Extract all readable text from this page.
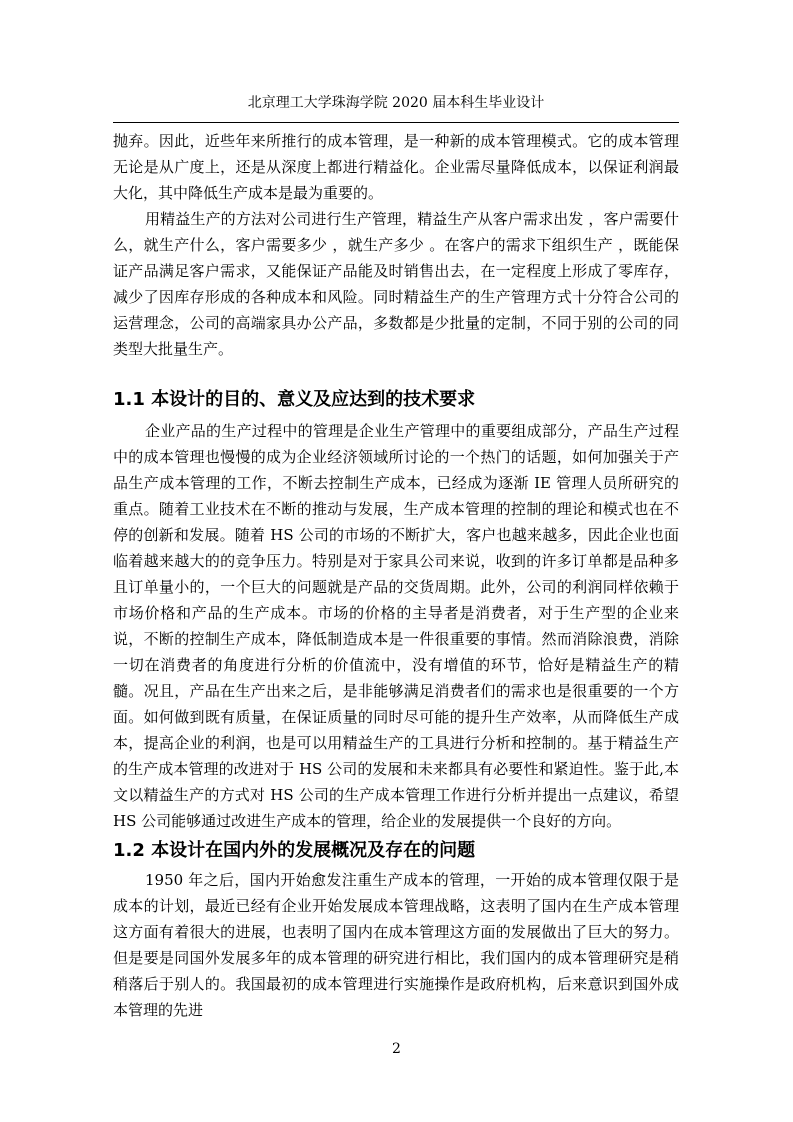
北京理工大学珠海学院 2020 届本科生毕业设计

抛弃。因此，近些年来所推行的成本管理，是一种新的成本管理模式。它的成本管理无论是从广度上，还是从深度上都进行精益化。企业需尽量降低成本，以保证利润最大化，其中降低生产成本是最为重要的。

用精益生产的方法对公司进行生产管理，精益生产从客户需求出发 ，客户需要什么，就生产什么，客户需要多少 ，就生产多少 。在客户的需求下组织生产 ，既能保证产品满足客户需求，又能保证产品能及时销售出去，在一定程度上形成了零库存，减少了因库存形成的各种成本和风险。同时精益生产的生产管理方式十分符合公司的运营理念，公司的高端家具办公产品，多数都是少批量的定制，不同于别的公司的同类型大批量生产。

1.1 本设计的目的、意义及应达到的技术要求

企业产品的生产过程中的管理是企业生产管理中的重要组成部分，产品生产过程中的成本管理也慢慢的成为企业经济领域所讨论的一个热门的话题，如何加强关于产品生产成本管理的工作，不断去控制生产成本，已经成为逐渐 IE 管理人员所研究的重点。随着工业技术在不断的推动与发展，生产成本管理的控制的理论和模式也在不停的创新和发展。随着 HS 公司的市场的不断扩大，客户也越来越多，因此企业也面临着越来越大的的竞争压力。特别是对于家具公司来说，收到的许多订单都是品种多且订单量小的，一个巨大的问题就是产品的交货周期。此外，公司的利润同样依赖于市场价格和产品的生产成本。市场的价格的主导者是消费者，对于生产型的企业来说，不断的控制生产成本，降低制造成本是一件很重要的事情。然而消除浪费，消除一切在消费者的角度进行分析的价值流中，没有增值的环节，恰好是精益生产的精髓。况且，产品在生产出来之后，是非能够满足消费者们的需求也是很重要的一个方面。如何做到既有质量，在保证质量的同时尽可能的提升生产效率，从而降低生产成本，提高企业的利润，也是可以用精益生产的工具进行分析和控制的。基于精益生产的生产成本管理的改进对于 HS 公司的发展和未来都具有必要性和紧迫性。鉴于此,本文以精益生产的方式对 HS 公司的生产成本管理工作进行分析并提出一点建议，希望 HS 公司能够通过改进生产成本的管理，给企业的发展提供一个良好的方向。

1.2 本设计在国内外的发展概况及存在的问题

1950 年之后，国内开始愈发注重生产成本的管理，一开始的成本管理仅限于是成本的计划，最近已经有企业开始发展成本管理战略，这表明了国内在生产成本管理这方面有着很大的进展，也表明了国内在成本管理这方面的发展做出了巨大的努力。但是要是同国外发展多年的成本管理的研究进行相比，我们国内的成本管理研究是稍稍落后于别人的。我国最初的成本管理进行实施操作是政府机构，后来意识到国外成本管理的先进

2
